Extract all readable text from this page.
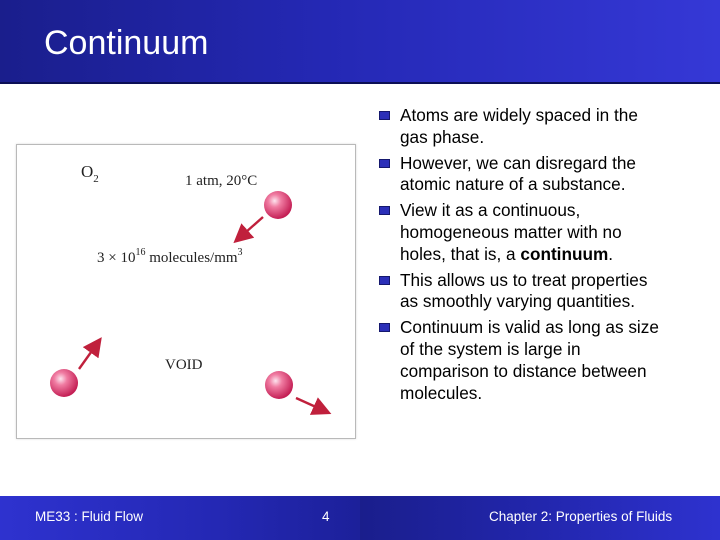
Continuum
$O_2$	1 atm, 20°C
$3 \times 10^{16}$ molecules/$mm^3$
VOID
Atoms are widely spaced in the
gas phase.
However, we can disregard the
atomic nature of a substance.
View it as a continuous,
homogeneous matter with no
holes, that is, a continuum.
This allows us to treat properties
as smoothly varying quantities.
Continuum is valid as long as size
of the system is large in
comparison to distance between
molecules.
ME33 : Fluid Flow	4	Chapter 2: Properties of Fluids
